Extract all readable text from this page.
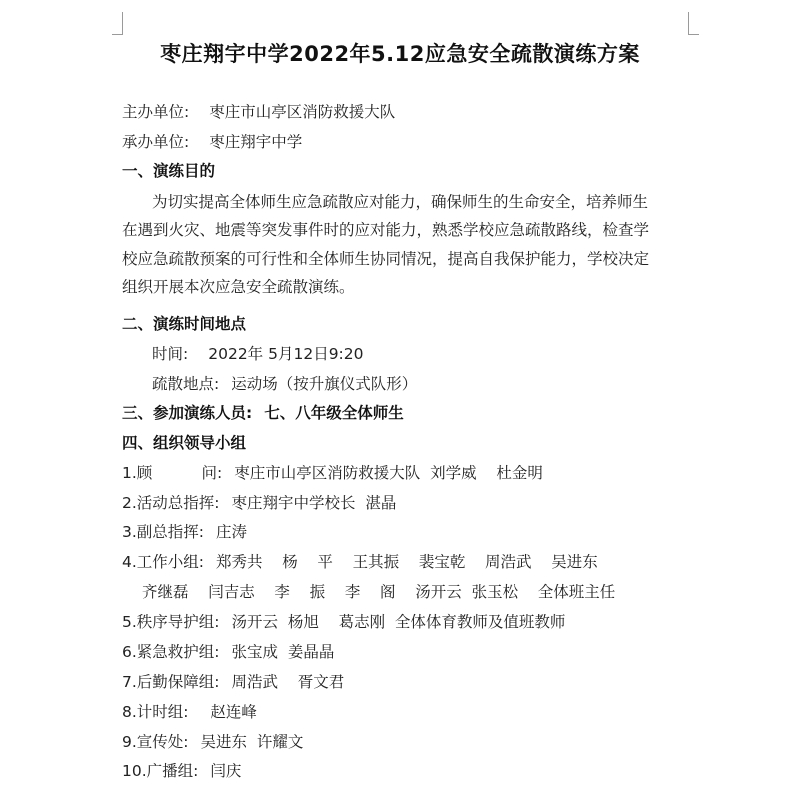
枣庄翔宇中学2022年5.12应急安全疏散演练方案
主办单位: 枣庄市山亭区消防救援大队
承办单位: 枣庄翔宇中学
一、演练目的
为切实提高全体师生应急疏散应对能力，确保师生的生命安全，培养师生
在遇到火灾、地震等突发事件时的应对能力，熟悉学校应急疏散路线，检查学
校应急疏散预案的可行性和全体师生协同情况，提高自我保护能力，学校决定
组织开展本次应急安全疏散演练。
二、演练时间地点
时间: 2022年 5月12日9:20
疏散地点: 运动场（按升旗仪式队形）
三、参加演练人员: 七、八年级全体师生
四、组织领导小组
1.顾          问: 枣庄市山亭区消防救援大队  刘学威    杜金明
2.活动总指挥: 枣庄翔宇中学校长  湛晶
3.副总指挥: 庄涛
4.工作小组: 郑秀共    杨    平    王其振    裴宝乾    周浩武    吴进东
齐继磊    闫吉志    李    振    李    阁    汤开云  张玉松    全体班主任
5.秩序导护组: 汤开云  杨旭    葛志刚  全体体育教师及值班教师
6.紧急救护组: 张宝成  姜晶晶
7.后勤保障组: 周浩武    胥文君
8.计时组:  赵连峰
9.宣传处: 吴进东  许耀文
10.广播组: 闫庆
